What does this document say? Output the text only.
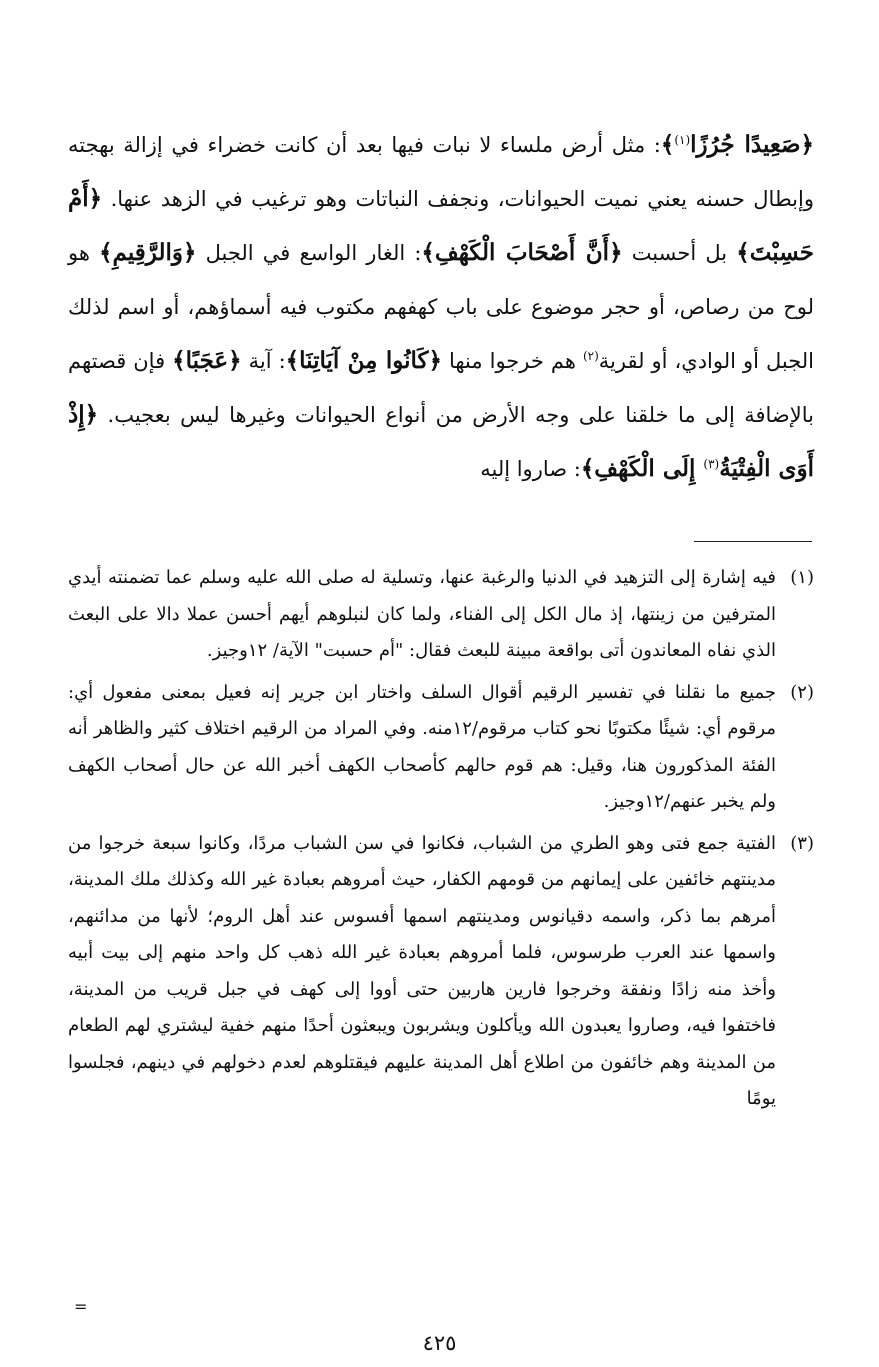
﴿صَعِيدًا جُرُزًا$^{(١)}$﴾: مثل أرض ملساء لا نبات فيها بعد أن كانت خضراء في إزالة بهجته وإبطال حسنه يعني نميت الحيوانات، ونجفف النباتات وهو ترغيب في الزهد عنها. ﴿أَمْ حَسِبْتَ﴾ بل أحسبت ﴿أَنَّ أَصْحَابَ الْكَهْفِ﴾: الغار الواسع في الجبل ﴿وَالرَّقِيمِ﴾ هو لوح من رصاص، أو حجر موضوع على باب كهفهم مكتوب فيه أسماؤهم، أو اسم لذلك الجبل أو الوادي، أو لقرية$^{(٢)}$ هم خرجوا منها ﴿كَانُوا مِنْ آيَاتِنَا﴾: آية ﴿عَجَبًا﴾ فإن قصتهم بالإضافة إلى ما خلقنا على وجه الأرض من أنواع الحيوانات وغيرها ليس بعجيب. ﴿إِذْ أَوَى الْفِتْيَةُ$^{(٣)}$ إِلَى الْكَهْفِ﴾: صاروا إليه

(١)
فيه إشارة إلى التزهيد في الدنيا والرغبة عنها، وتسلية له صلى الله عليه وسلم عما تضمنته أيدي المترفين من زينتها، إذ مال الكل إلى الفناء، ولما كان لنبلوهم أيهم أحسن عملا دالا على البعث الذي نفاه المعاندون أتى بواقعة مبينة للبعث فقال: "أم حسبت" الآية/ ١٢وجيز.
(٢)
جميع ما نقلنا في تفسير الرقيم أقوال السلف واختار ابن جرير إنه فعيل بمعنى مفعول أي: مرقوم أي: شيئًا مكتوبًا نحو كتاب مرقوم/١٢منه. وفي المراد من الرقيم اختلاف كثير والظاهر أنه الفئة المذكورون هنا، وقيل: هم قوم حالهم كأصحاب الكهف أخبر الله عن حال أصحاب الكهف ولم يخبر عنهم/١٢وجيز.
(٣)
الفتية جمع فتى وهو الطري من الشباب، فكانوا في سن الشباب مردًا، وكانوا سبعة خرجوا من مدينتهم خائفين على إيمانهم من قومهم الكفار، حيث أمروهم بعبادة غير الله وكذلك ملك المدينة، أمرهم بما ذكر، واسمه دقيانوس ومدينتهم اسمها أفسوس عند أهل الروم؛ لأنها من مدائنهم، واسمها عند العرب طرسوس، فلما أمروهم بعبادة غير الله ذهب كل واحد منهم إلى بيت أبيه وأخذ منه زادًا ونفقة وخرجوا فارين هاربين حتى أووا إلى كهف في جبل قريب من المدينة، فاختفوا فيه، وصاروا يعبدون الله ويأكلون ويشربون ويبعثون أحدًا منهم خفية ليشتري لهم الطعام من المدينة وهم خائفون من اطلاع أهل المدينة عليهم فيقتلوهم لعدم دخولهم في دينهم، فجلسوا يومًا
=
٤٢٥
